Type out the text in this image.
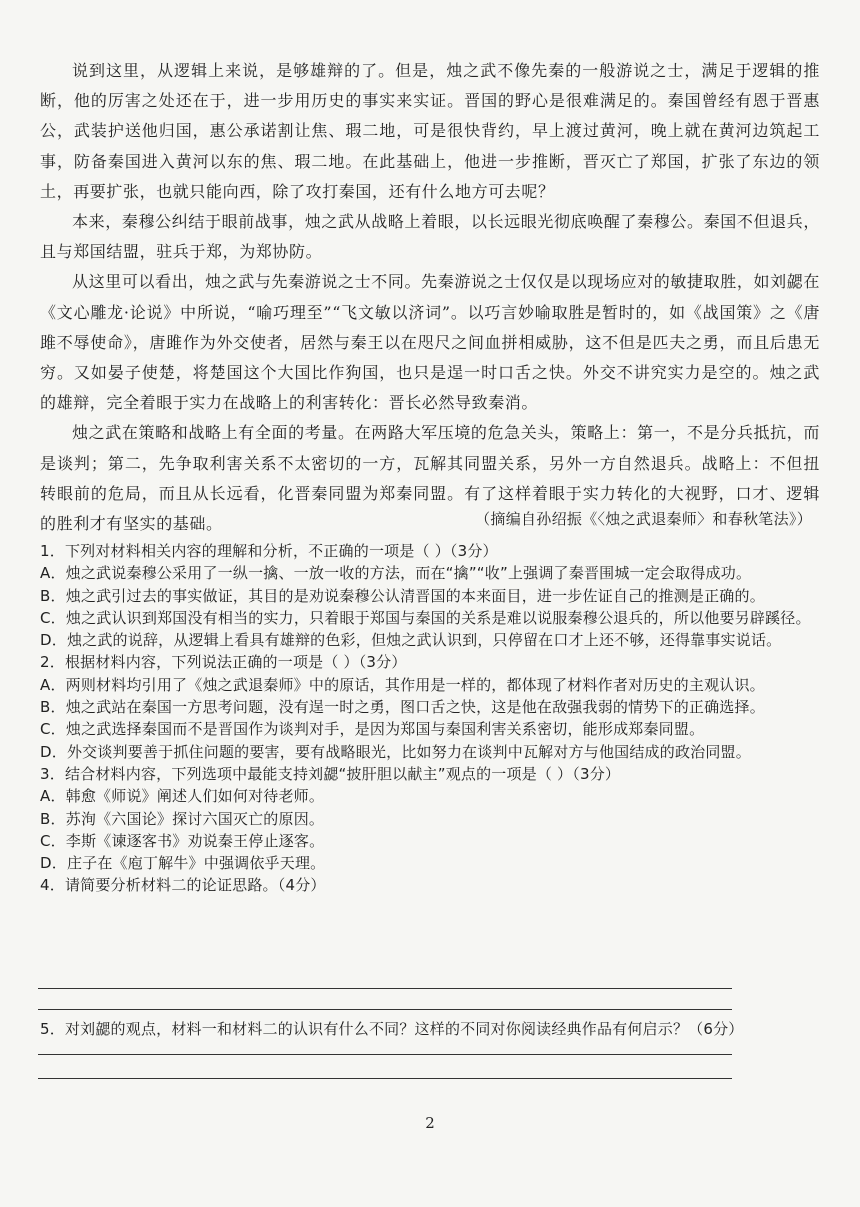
说到这里，从逻辑上来说，是够雄辩的了。但是，烛之武不像先秦的一般游说之士，满足于逻辑的推断，他的厉害之处还在于，进一步用历史的事实来实证。晋国的野心是很难满足的。秦国曾经有恩于晋惠公，武装护送他归国，惠公承诺割让焦、瑕二地，可是很快背约，早上渡过黄河，晚上就在黄河边筑起工事，防备秦国进入黄河以东的焦、瑕二地。在此基础上，他进一步推断，晋灭亡了郑国，扩张了东边的领土，再要扩张，也就只能向西，除了攻打秦国，还有什么地方可去呢？

本来，秦穆公纠结于眼前战事，烛之武从战略上着眼，以长远眼光彻底唤醒了秦穆公。秦国不但退兵，且与郑国结盟，驻兵于郑，为郑协防。

从这里可以看出，烛之武与先秦游说之士不同。先秦游说之士仅仅是以现场应对的敏捷取胜，如刘勰在《文心雕龙·论说》中所说，“喻巧理至”“飞文敏以济词”。以巧言妙喻取胜是暂时的，如《战国策》之《唐雎不辱使命》，唐雎作为外交使者，居然与秦王以在咫尺之间血拼相威胁，这不但是匹夫之勇，而且后患无穷。又如晏子使楚，将楚国这个大国比作狗国，也只是逞一时口舌之快。外交不讲究实力是空的。烛之武的雄辩，完全着眼于实力在战略上的利害转化：晋长必然导致秦消。

烛之武在策略和战略上有全面的考量。在两路大军压境的危急关头，策略上：第一，不是分兵抵抗，而是谈判；第二，先争取利害关系不太密切的一方，瓦解其同盟关系，另外一方自然退兵。战略上：不但扭转眼前的危局，而且从长远看，化晋秦同盟为郑秦同盟。有了这样着眼于实力转化的大视野，口才、逻辑的胜利才有坚实的基础。	（摘编自孙绍振《〈烛之武退秦师〉和春秋笔法》）
1．下列对材料相关内容的理解和分析，不正确的一项是（ ）（3分）
A．烛之武说秦穆公采用了一纵一擒、一放一收的方法，而在“擒”“收”上强调了秦晋围城一定会取得成功。
B．烛之武引过去的事实做证，其目的是劝说秦穆公认清晋国的本来面目，进一步佐证自己的推测是正确的。
C．烛之武认识到郑国没有相当的实力，只着眼于郑国与秦国的关系是难以说服秦穆公退兵的，所以他要另辟蹊径。
D．烛之武的说辞，从逻辑上看具有雄辩的色彩，但烛之武认识到，只停留在口才上还不够，还得靠事实说话。
2．根据材料内容，下列说法正确的一项是（ ）（3分）
A．两则材料均引用了《烛之武退秦师》中的原话，其作用是一样的，都体现了材料作者对历史的主观认识。
B．烛之武站在秦国一方思考问题，没有逞一时之勇，图口舌之快，这是他在敌强我弱的情势下的正确选择。
C．烛之武选择秦国而不是晋国作为谈判对手，是因为郑国与秦国利害关系密切，能形成郑秦同盟。
D．外交谈判要善于抓住问题的要害，要有战略眼光，比如努力在谈判中瓦解对方与他国结成的政治同盟。
3．结合材料内容，下列选项中最能支持刘勰“披肝胆以献主”观点的一项是（ ）（3分）
A．韩愈《师说》阐述人们如何对待老师。
B．苏洵《六国论》探讨六国灭亡的原因。
C．李斯《谏逐客书》劝说秦王停止逐客。
D．庄子在《庖丁解牛》中强调依乎天理。
4．请简要分析材料二的论证思路。（4分）
5．对刘勰的观点，材料一和材料二的认识有什么不同？这样的不同对你阅读经典作品有何启示？（6分）
2
